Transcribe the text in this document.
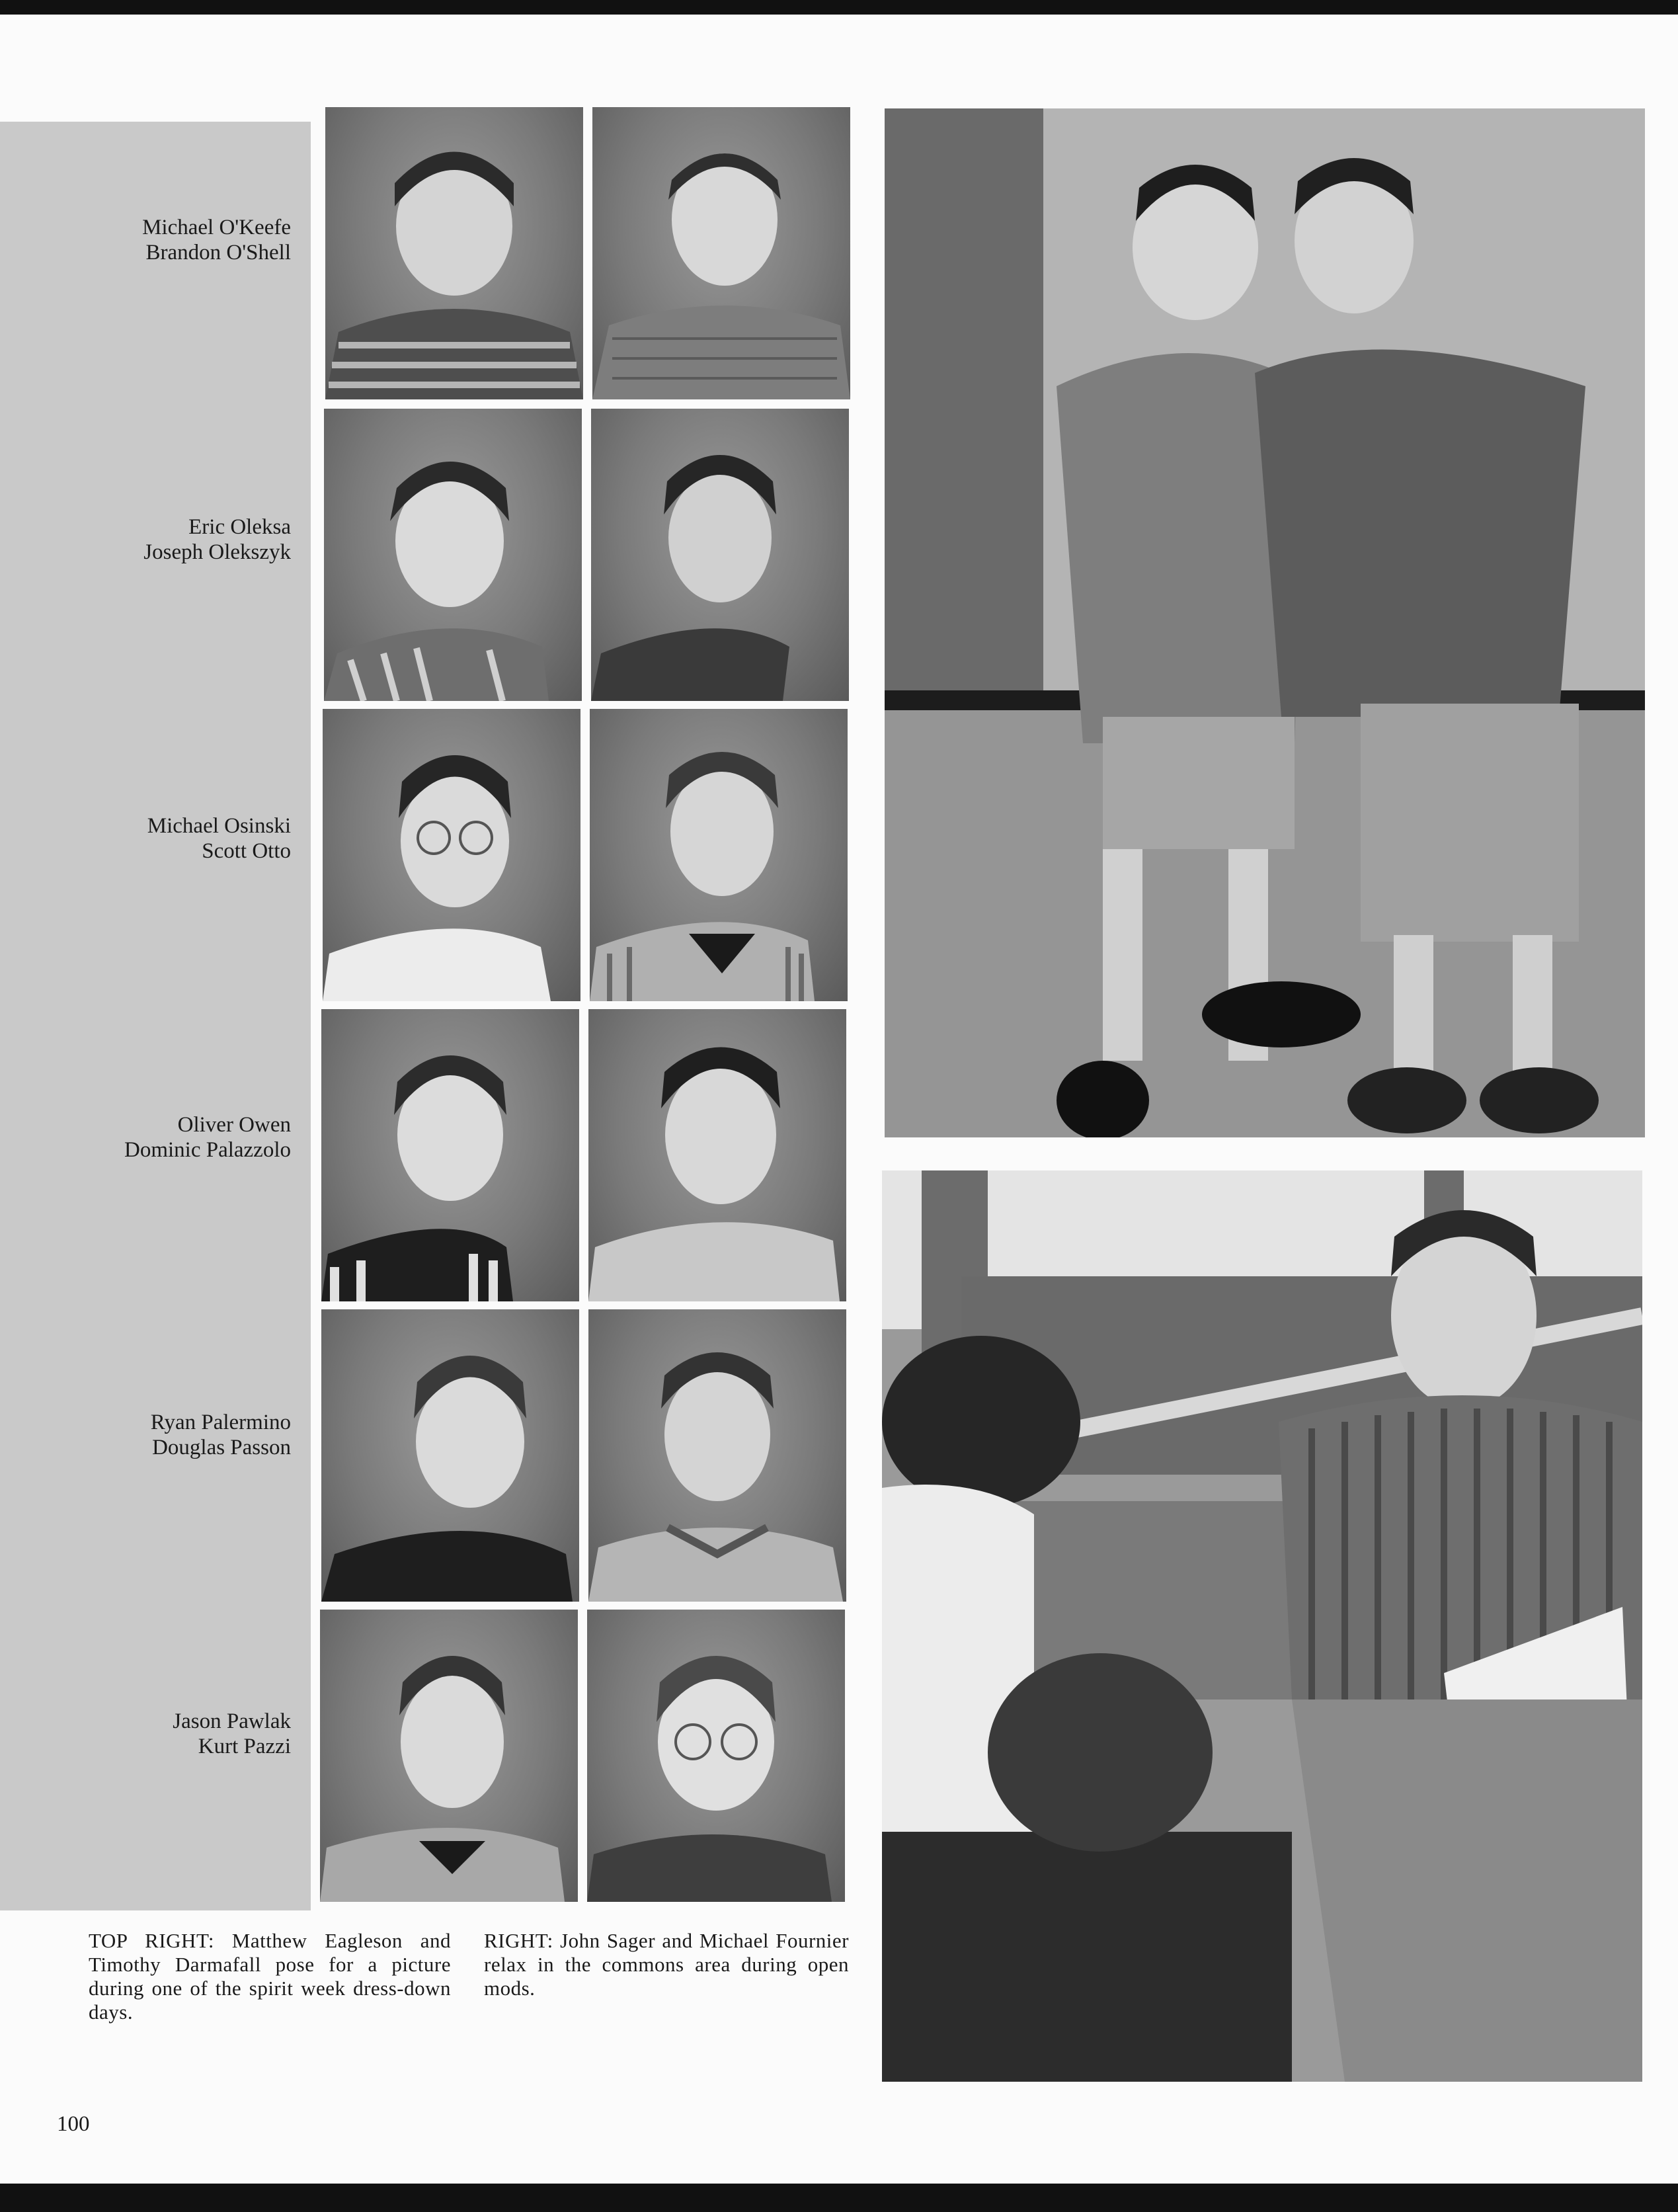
Michael O'Keefe
Brandon O'Shell
Eric Oleksa
Joseph Olekszyk
Michael Osinski
Scott Otto
Oliver Owen
Dominic Palazzolo
Ryan Palermino
Douglas Passon
Jason Pawlak
Kurt Pazzi
TOP RIGHT: Matthew Eagleson and Timothy Darmafall pose for a picture during one of the spirit week dress-down days.
RIGHT: John Sager and Michael Fournier relax in the commons area during open mods.
100
